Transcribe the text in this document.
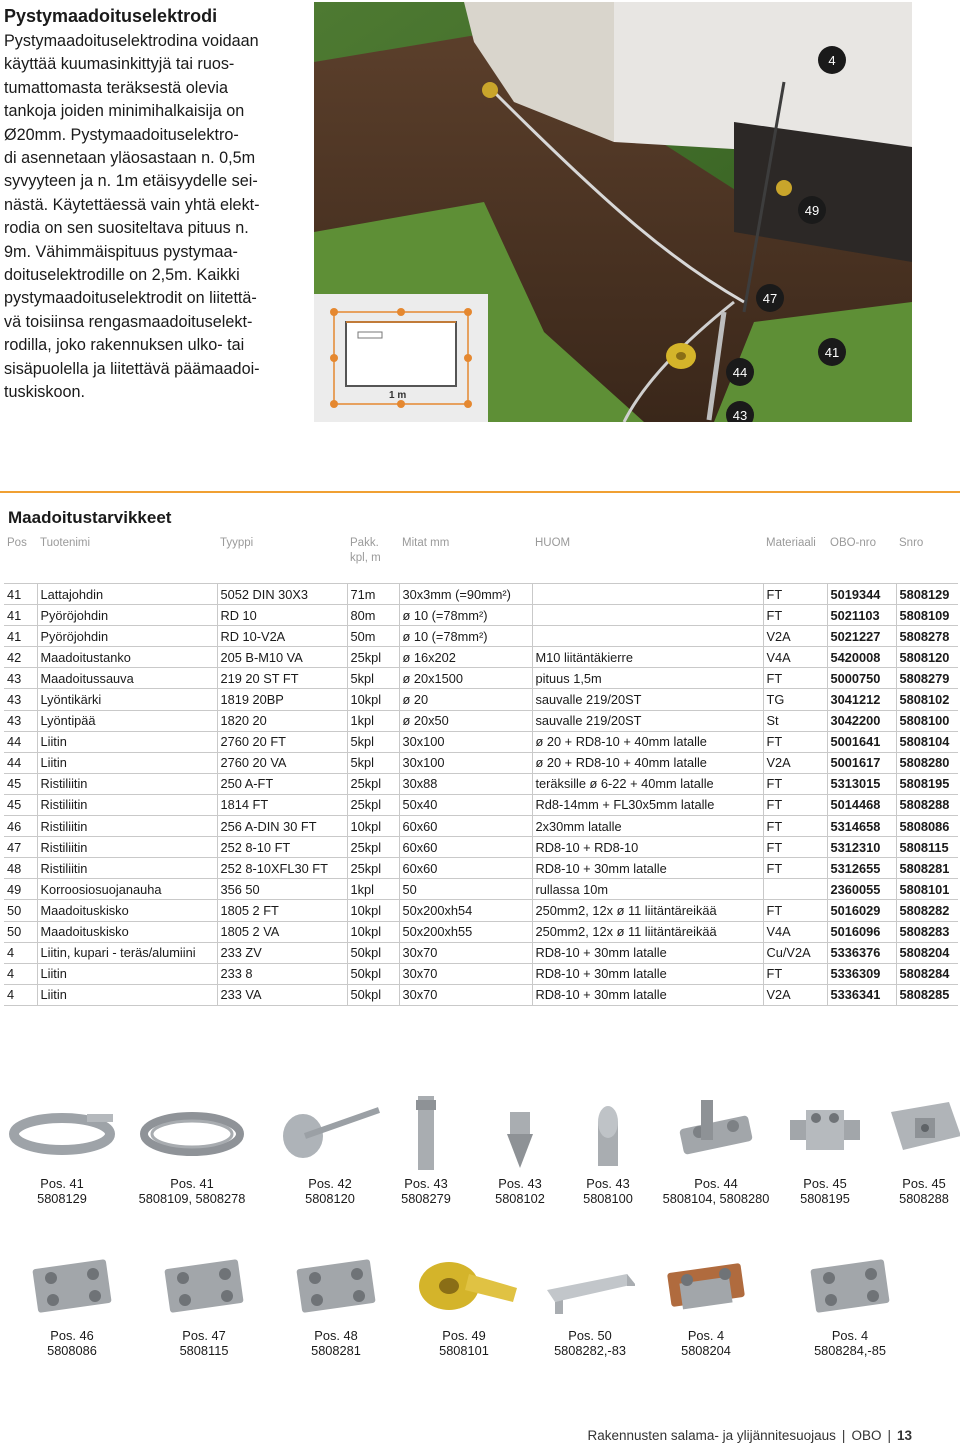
Pystymaadoituselektrodi
Pystymaadoituselektrodina voidaan
käyttää kuumasinkittyjä tai ruos-
tumattomasta teräksestä olevia
tankoja joiden minimihalkaisija on
Ø20mm. Pystymaadoituselektro-
di asennetaan yläosastaan n. 0,5m
syvyyteen ja n. 1m etäisyydelle sei-
nästä. Käytettäessä vain yhtä elekt-
rodia on sen suositeltava pituus n.
9m. Vähimmäispituus pystymaa-
doituselektrodille on 2,5m. Kaikki
pystymaadoituselektrodit on liitettä-
vä toisiinsa rengasmaadoituselekt-
rodilla, joko rakennuksen ulko- tai
sisäpuolella ja liitettävä päämaadoi-
tuskiskoon.	1 m
4
49
47
41
44
43
Maadoitustarvikkeet
Pos	Tuotenimi	Tyyppi	Pakk. kpl, m	Mitat mm	HUOM	Materiaali	OBO-nro	Snro

41	Lattajohdin	5052 DIN 30X3	71m	30x3mm (=90mm²)		FT	5019344	5808129
41	Pyöröjohdin	RD 10	80m	ø 10 (=78mm²)		FT	5021103	5808109
41	Pyöröjohdin	RD 10-V2A	50m	ø 10 (=78mm²)		V2A	5021227	5808278
42	Maadoitustanko	205 B-M10 VA	25kpl	ø 16x202	M10 liitäntäkierre	V4A	5420008	5808120
43	Maadoitussauva	219 20 ST FT	5kpl	ø 20x1500	pituus 1,5m	FT	5000750	5808279
43	Lyöntikärki	1819 20BP	10kpl	ø 20	sauvalle 219/20ST	TG	3041212	5808102
43	Lyöntipää	1820 20	1kpl	ø 20x50	sauvalle 219/20ST	St	3042200	5808100
44	Liitin	2760 20 FT	5kpl	30x100	ø 20 + RD8-10 + 40mm latalle	FT	5001641	5808104
44	Liitin	2760 20 VA	5kpl	30x100	ø 20 + RD8-10 + 40mm latalle	V2A	5001617	5808280
45	Ristiliitin	250 A-FT	25kpl	30x88	teräksille ø 6-22 + 40mm latalle	FT	5313015	5808195
45	Ristiliitin	1814 FT	25kpl	50x40	Rd8-14mm + FL30x5mm latalle	FT	5014468	5808288
46	Ristiliitin	256 A-DIN 30 FT	10kpl	60x60	2x30mm latalle	FT	5314658	5808086
47	Ristiliitin	252 8-10 FT	25kpl	60x60	RD8-10 + RD8-10	FT	5312310	5808115
48	Ristiliitin	252 8-10XFL30 FT	25kpl	60x60	RD8-10 + 30mm latalle	FT	5312655	5808281
49	Korroosiosuojanauha	356 50	1kpl	50	rullassa 10m		2360055	5808101
50	Maadoituskisko	1805 2 FT	10kpl	50x200xh54	250mm2, 12x ø 11 liitäntäreikää	FT	5016029	5808282
50	Maadoituskisko	1805 2 VA	10kpl	50x200xh55	250mm2, 12x ø 11 liitäntäreikää	V4A	5016096	5808283
4	Liitin, kupari - teräs/alumiini	233 ZV	50kpl	30x70	RD8-10 + 30mm latalle	Cu/V2A	5336376	5808204
4	Liitin	233 8	50kpl	30x70	RD8-10 + 30mm latalle	FT	5336309	5808284
4	Liitin	233 VA	50kpl	30x70	RD8-10 + 30mm latalle	V2A	5336341	5808285
Pos. 41
5808129
Pos. 41
5808109, 5808278
Pos. 42
5808120
Pos. 43
5808279
Pos. 43
5808102
Pos. 43
5808100
Pos. 44
5808104, 5808280
Pos. 45
5808195
Pos. 45
5808288
Pos. 46
5808086
Pos. 47
5808115
Pos. 48
5808281
Pos. 49
5808101
Pos. 50
5808282,-83
Pos. 4
5808204
Pos. 4
5808284,-85
Rakennusten salama- ja ylijännitesuojaus | OBO | 13
